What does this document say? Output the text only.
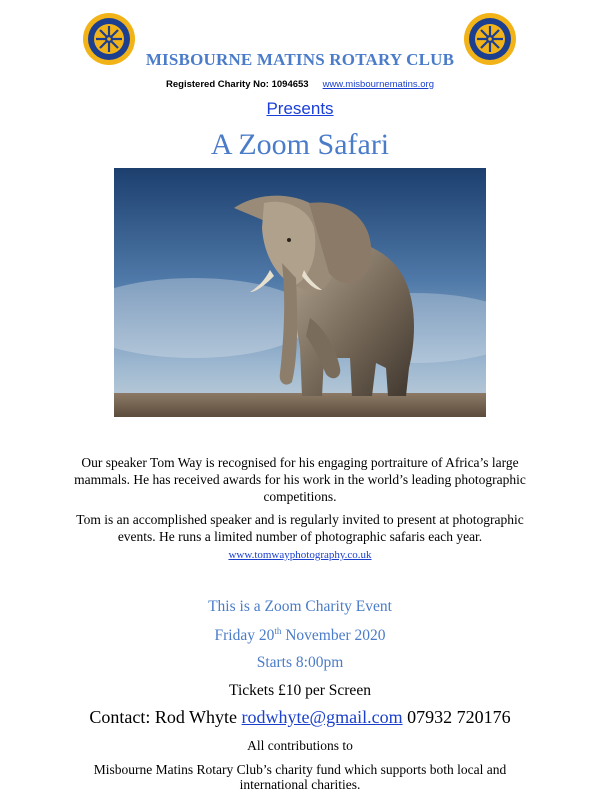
MISBOURNE MATINS ROTARY CLUB
Registered Charity No: 1094653 www.misbournematins.org
Presents
A Zoom Safari
Our speaker Tom Way is recognised for his engaging portraiture of Africa’s large mammals. He has received awards for his work in the world’s leading photographic competitions.
Tom is an accomplished speaker and is regularly invited to present at photographic events. He runs a limited number of photographic safaris each year. www.tomwayphotography.co.uk
This is a Zoom Charity Event
Friday 20th November 2020
Starts 8:00pm
Tickets £10 per Screen
Contact: Rod Whyte rodwhyte@gmail.com 07932 720176
All contributions to
Misbourne Matins Rotary Club’s charity fund which supports both local and international charities.
